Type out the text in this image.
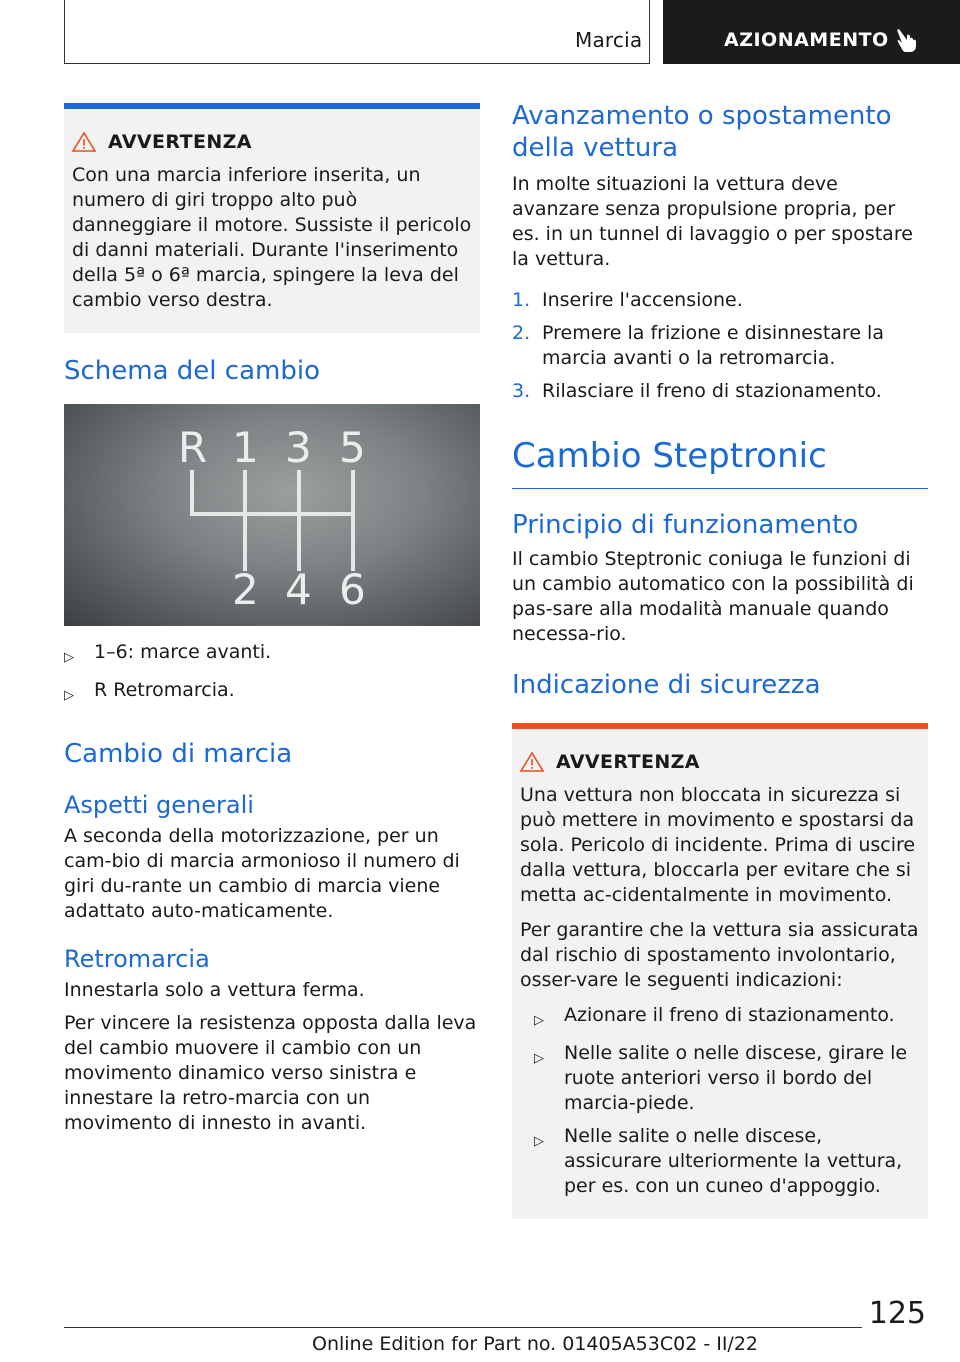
Marcia	AZIONAMENTO
AVVERTENZA

Con una marcia inferiore inserita, un numero di giri troppo alto può danneggiare il motore. Sussiste il pericolo di danni materiali. Durante l'inserimento della 5ª o 6ª marcia, spingere la leva del cambio verso destra.

Schema del cambio
R 1 3 5
2 4 6
▷	1–6: marce avanti.
▷	R Retromarcia.
Cambio di marcia
Aspetti generali

A seconda della motorizzazione, per un cam-bio di marcia armonioso il numero di giri du-rante un cambio di marcia viene adattato auto-maticamente.

Retromarcia

Innestarla solo a vettura ferma.

Per vincere la resistenza opposta dalla leva del cambio muovere il cambio con un movimento dinamico verso sinistra e innestare la retro-marcia con un movimento di innesto in avanti.

Avanzamento o spostamento della vettura

In molte situazioni la vettura deve avanzare senza propulsione propria, per es. in un tunnel di lavaggio o per spostare la vettura.

1. Inserire l'accensione.
2. Premere la frizione e disinnestare la marcia avanti o la retromarcia.
3. Rilasciare il freno di stazionamento.
Cambio Steptronic
Principio di funzionamento

Il cambio Steptronic coniuga le funzioni di un cambio automatico con la possibilità di pas-sare alla modalità manuale quando necessa-rio.

Indicazione di sicurezza
AVVERTENZA

Una vettura non bloccata in sicurezza si può mettere in movimento e spostarsi da sola. Pericolo di incidente. Prima di uscire dalla vettura, bloccarla per evitare che si metta ac-cidentalmente in movimento.

Per garantire che la vettura sia assicurata dal rischio di spostamento involontario, osser-vare le seguenti indicazioni:

▷	Azionare il freno di stazionamento.
▷	Nelle salite o nelle discese, girare le ruote anteriori verso il bordo del marcia-piede.
▷	Nelle salite o nelle discese, assicurare ulteriormente la vettura, per es. con un cuneo d'appoggio.
125
Online Edition for Part no. 01405A53C02 - II/22
